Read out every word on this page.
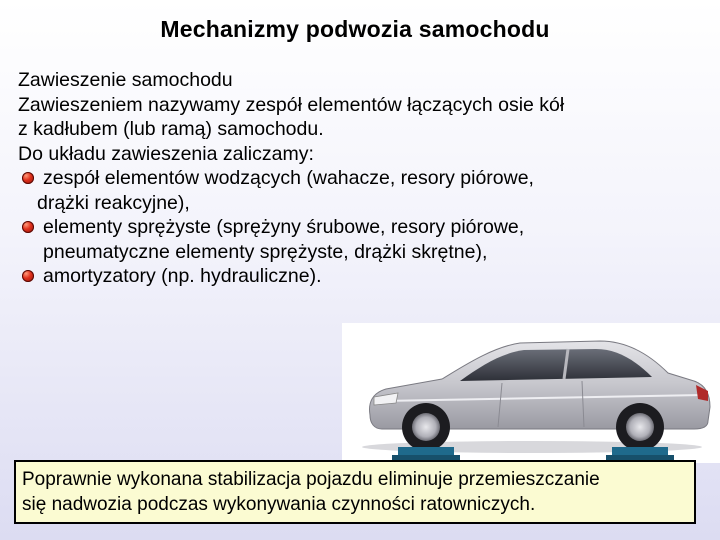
Mechanizmy podwozia samochodu
Zawieszenie samochodu
Zawieszeniem nazywamy zespół elementów łączących osie kół
z kadłubem (lub ramą) samochodu.
Do układu zawieszenia zaliczamy:
zespół elementów wodzących (wahacze, resory piórowe,
drążki reakcyjne),
elementy sprężyste (sprężyny śrubowe, resory piórowe,
pneumatyczne elementy sprężyste, drążki skrętne),
amortyzatory (np. hydrauliczne).
Poprawnie wykonana stabilizacja pojazdu eliminuje przemieszczanie
się nadwozia podczas wykonywania czynności ratowniczych.
